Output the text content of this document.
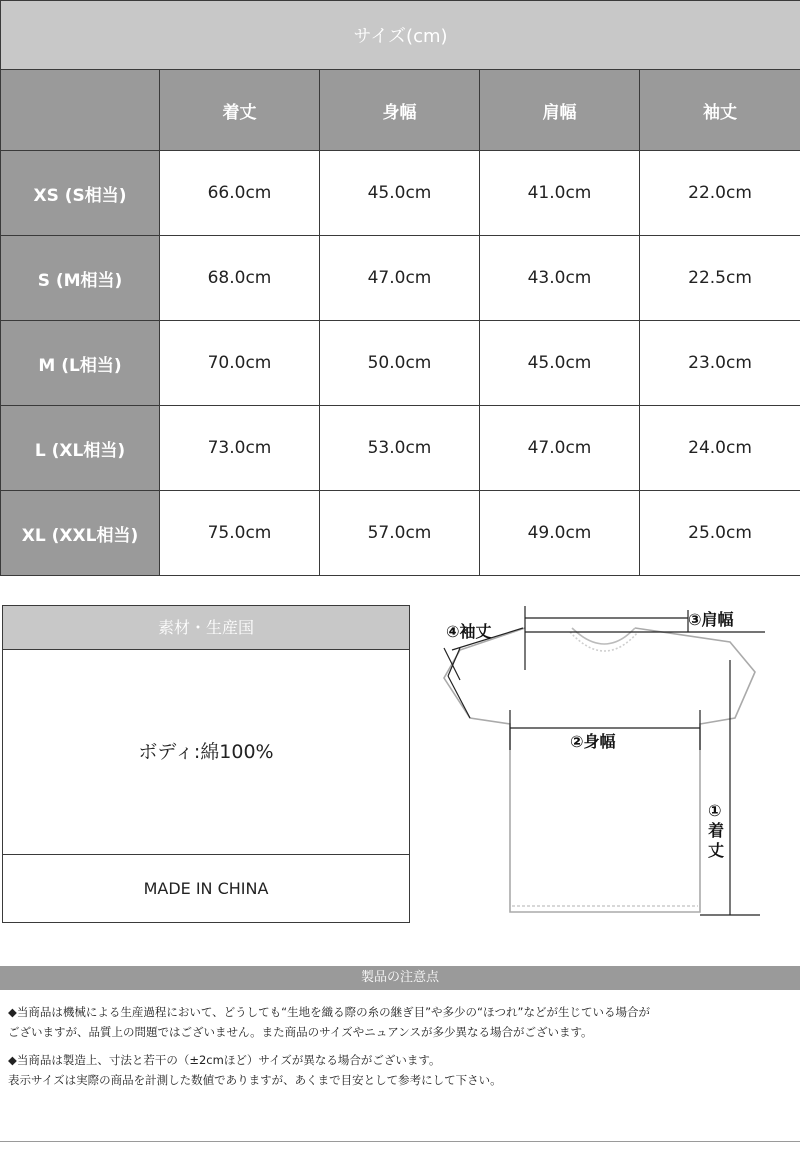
サイズ(cm)				
	着丈	身幅	肩幅	袖丈
XS (S相当)	66.0cm	45.0cm	41.0cm	22.0cm
S (M相当)	68.0cm	47.0cm	43.0cm	22.5cm
M (L相当)	70.0cm	50.0cm	45.0cm	23.0cm
L (XL相当)	73.0cm	53.0cm	47.0cm	24.0cm
XL (XXL相当)	75.0cm	57.0cm	49.0cm	25.0cm
素材・生産国
ボディ:綿100%
MADE IN CHINA
③肩幅
④袖丈
②身幅
①
着
丈
製品の注意点

◆当商品は機械による生産過程において、どうしても“生地を織る際の糸の継ぎ目”や多少の“ほつれ”などが生じている場合が
ございますが、品質上の問題ではございません。また商品のサイズやニュアンスが多少異なる場合がございます。

◆当商品は製造上、寸法と若干の（±2cmほど）サイズが異なる場合がございます。
表示サイズは実際の商品を計測した数値でありますが、あくまで目安として参考にして下さい。
